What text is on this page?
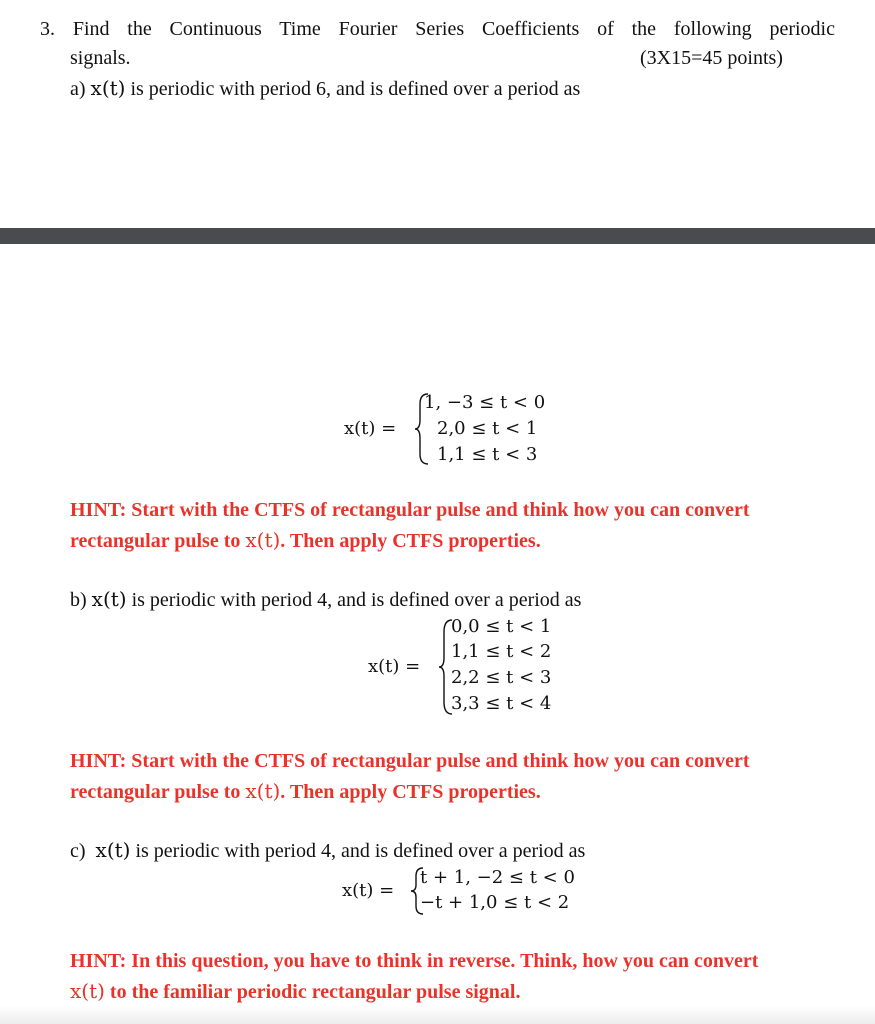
3. Find the Continuous Time Fourier Series Coefficients of the following periodic
signals.	(3X15=45 points)
a) x(t) is periodic with period 6, and is defined over a period as
x(t) =
1, −3 ≤ t < 0
2,0 ≤ t < 1
1,1 ≤ t < 3
HINT: Start with the CTFS of rectangular pulse and think how you can convert
rectangular pulse to x(t). Then apply CTFS properties.
b) x(t) is periodic with period 4, and is defined over a period as
x(t) =
0,0 ≤ t < 1
1,1 ≤ t < 2
2,2 ≤ t < 3
3,3 ≤ t < 4
HINT: Start with the CTFS of rectangular pulse and think how you can convert
rectangular pulse to x(t). Then apply CTFS properties.
c) x(t) is periodic with period 4, and is defined over a period as
x(t) =
t + 1, −2 ≤ t < 0
−t + 1,0 ≤ t < 2
HINT: In this question, you have to think in reverse. Think, how you can convert
x(t) to the familiar periodic rectangular pulse signal.
